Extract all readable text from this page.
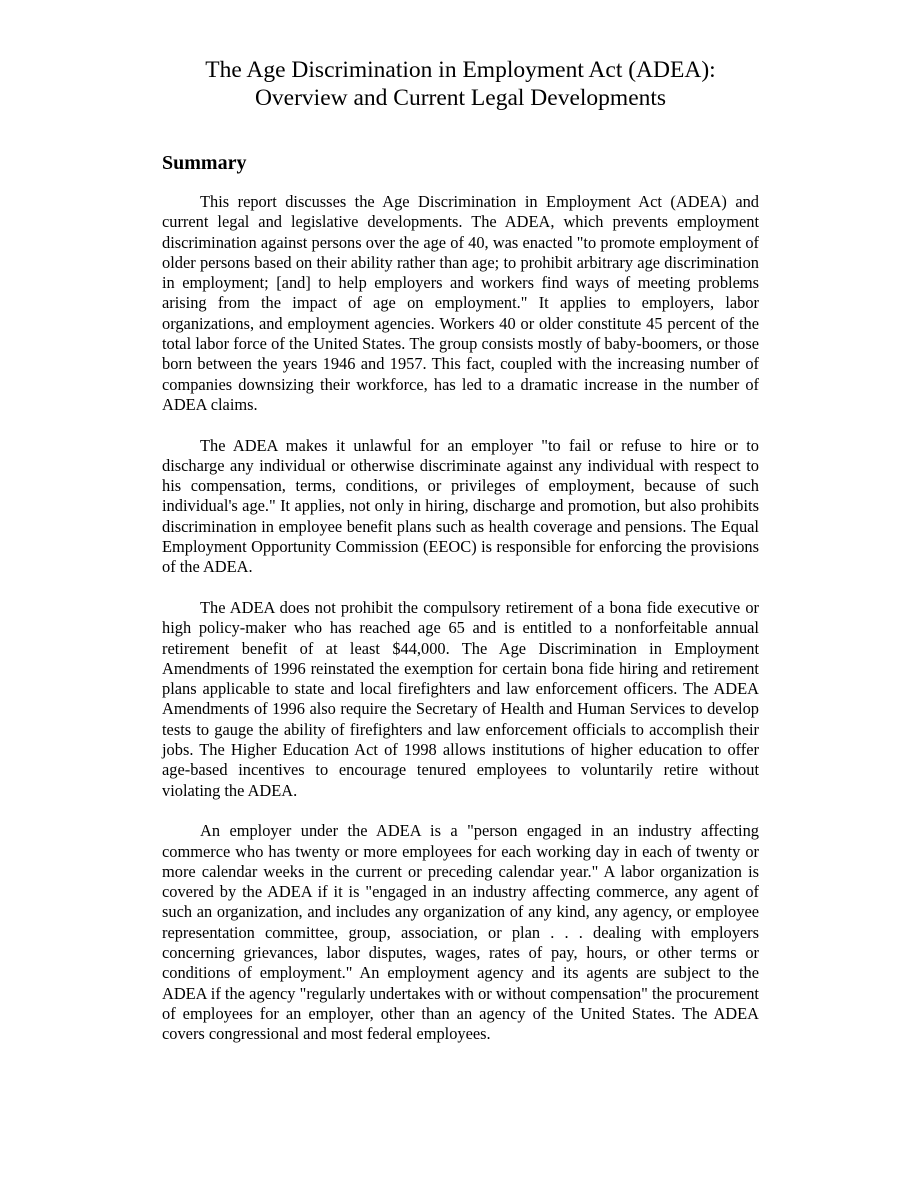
The Age Discrimination in Employment Act (ADEA):
Overview and Current Legal Developments
Summary

This report discusses the Age Discrimination in Employment Act (ADEA) and current legal and legislative developments. The ADEA, which prevents employment discrimination against persons over the age of 40, was enacted "to promote employment of older persons based on their ability rather than age; to prohibit arbitrary age discrimination in employment; [and] to help employers and workers find ways of meeting problems arising from the impact of age on employment." It applies to employers, labor organizations, and employment agencies. Workers 40 or older constitute 45 percent of the total labor force of the United States. The group consists mostly of baby-boomers, or those born between the years 1946 and 1957. This fact, coupled with the increasing number of companies downsizing their workforce, has led to a dramatic increase in the number of ADEA claims.

The ADEA makes it unlawful for an employer "to fail or refuse to hire or to discharge any individual or otherwise discriminate against any individual with respect to his compensation, terms, conditions, or privileges of employment, because of such individual's age." It applies, not only in hiring, discharge and promotion, but also prohibits discrimination in employee benefit plans such as health coverage and pensions. The Equal Employment Opportunity Commission (EEOC) is responsible for enforcing the provisions of the ADEA.

The ADEA does not prohibit the compulsory retirement of a bona fide executive or high policy-maker who has reached age 65 and is entitled to a nonforfeitable annual retirement benefit of at least $44,000. The Age Discrimination in Employment Amendments of 1996 reinstated the exemption for certain bona fide hiring and retirement plans applicable to state and local firefighters and law enforcement officers. The ADEA Amendments of 1996 also require the Secretary of Health and Human Services to develop tests to gauge the ability of firefighters and law enforcement officials to accomplish their jobs. The Higher Education Act of 1998 allows institutions of higher education to offer age-based incentives to encourage tenured employees to voluntarily retire without violating the ADEA.

An employer under the ADEA is a "person engaged in an industry affecting commerce who has twenty or more employees for each working day in each of twenty or more calendar weeks in the current or preceding calendar year." A labor organization is covered by the ADEA if it is "engaged in an industry affecting commerce, any agent of such an organization, and includes any organization of any kind, any agency, or employee representation committee, group, association, or plan . . . dealing with employers concerning grievances, labor disputes, wages, rates of pay, hours, or other terms or conditions of employment." An employment agency and its agents are subject to the ADEA if the agency "regularly undertakes with or without compensation" the procurement of employees for an employer, other than an agency of the United States. The ADEA covers congressional and most federal employees.
